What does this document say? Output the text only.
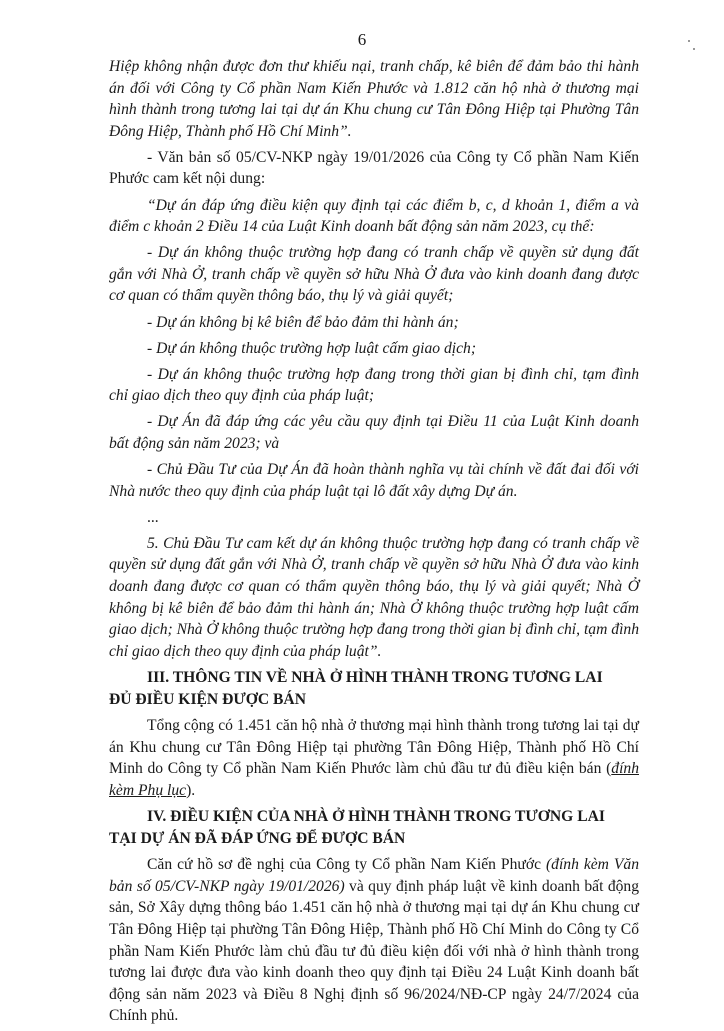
6

Hiệp không nhận được đơn thư khiếu nại, tranh chấp, kê biên để đảm bảo thi hành án đối với Công ty Cổ phần Nam Kiến Phước và 1.812 căn hộ nhà ở thương mại hình thành trong tương lai tại dự án Khu chung cư Tân Đông Hiệp tại Phường Tân Đông Hiệp, Thành phố Hồ Chí Minh”.

- Văn bản số 05/CV-NKP ngày 19/01/2026 của Công ty Cổ phần Nam Kiến Phước cam kết nội dung:

“Dự án đáp ứng điều kiện quy định tại các điểm b, c, d khoản 1, điểm a và điểm c khoản 2 Điều 14 của Luật Kinh doanh bất động sản năm 2023, cụ thể:

- Dự án không thuộc trường hợp đang có tranh chấp về quyền sử dụng đất gắn với Nhà Ở, tranh chấp về quyền sở hữu Nhà Ở đưa vào kinh doanh đang được cơ quan có thẩm quyền thông báo, thụ lý và giải quyết;

- Dự án không bị kê biên để bảo đảm thi hành án;

- Dự án không thuộc trường hợp luật cấm giao dịch;

- Dự án không thuộc trường hợp đang trong thời gian bị đình chỉ, tạm đình chỉ giao dịch theo quy định của pháp luật;

- Dự Án đã đáp ứng các yêu cầu quy định tại Điều 11 của Luật Kinh doanh bất động sản năm 2023; và

- Chủ Đầu Tư của Dự Án đã hoàn thành nghĩa vụ tài chính về đất đai đối với Nhà nước theo quy định của pháp luật tại lô đất xây dựng Dự án.

...

5. Chủ Đầu Tư cam kết dự án không thuộc trường hợp đang có tranh chấp về quyền sử dụng đất gắn với Nhà Ở, tranh chấp về quyền sở hữu Nhà Ở đưa vào kinh doanh đang được cơ quan có thẩm quyền thông báo, thụ lý và giải quyết; Nhà Ở không bị kê biên để bảo đảm thi hành án; Nhà Ở không thuộc trường hợp luật cấm giao dịch; Nhà Ở không thuộc trường hợp đang trong thời gian bị đình chỉ, tạm đình chỉ giao dịch theo quy định của pháp luật”.

III. THÔNG TIN VỀ NHÀ Ở HÌNH THÀNH TRONG TƯƠNG LAI
ĐỦ ĐIỀU KIỆN ĐƯỢC BÁN

Tổng cộng có 1.451 căn hộ nhà ở thương mại hình thành trong tương lai tại dự án Khu chung cư Tân Đông Hiệp tại phường Tân Đông Hiệp, Thành phố Hồ Chí Minh do Công ty Cổ phần Nam Kiến Phước làm chủ đầu tư đủ điều kiện bán (đính kèm Phụ lục).

IV. ĐIỀU KIỆN CỦA NHÀ Ở HÌNH THÀNH TRONG TƯƠNG LAI
TẠI DỰ ÁN ĐÃ ĐÁP ỨNG ĐỂ ĐƯỢC BÁN

Căn cứ hồ sơ đề nghị của Công ty Cổ phần Nam Kiến Phước (đính kèm Văn bản số 05/CV-NKP ngày 19/01/2026) và quy định pháp luật về kinh doanh bất động sản, Sở Xây dựng thông báo 1.451 căn hộ nhà ở thương mại tại dự án Khu chung cư Tân Đông Hiệp tại phường Tân Đông Hiệp, Thành phố Hồ Chí Minh do Công ty Cổ phần Nam Kiến Phước làm chủ đầu tư đủ điều kiện đối với nhà ở hình thành trong tương lai được đưa vào kinh doanh theo quy định tại Điều 24 Luật Kinh doanh bất động sản năm 2023 và Điều 8 Nghị định số 96/2024/NĐ-CP ngày 24/7/2024 của Chính phủ.
